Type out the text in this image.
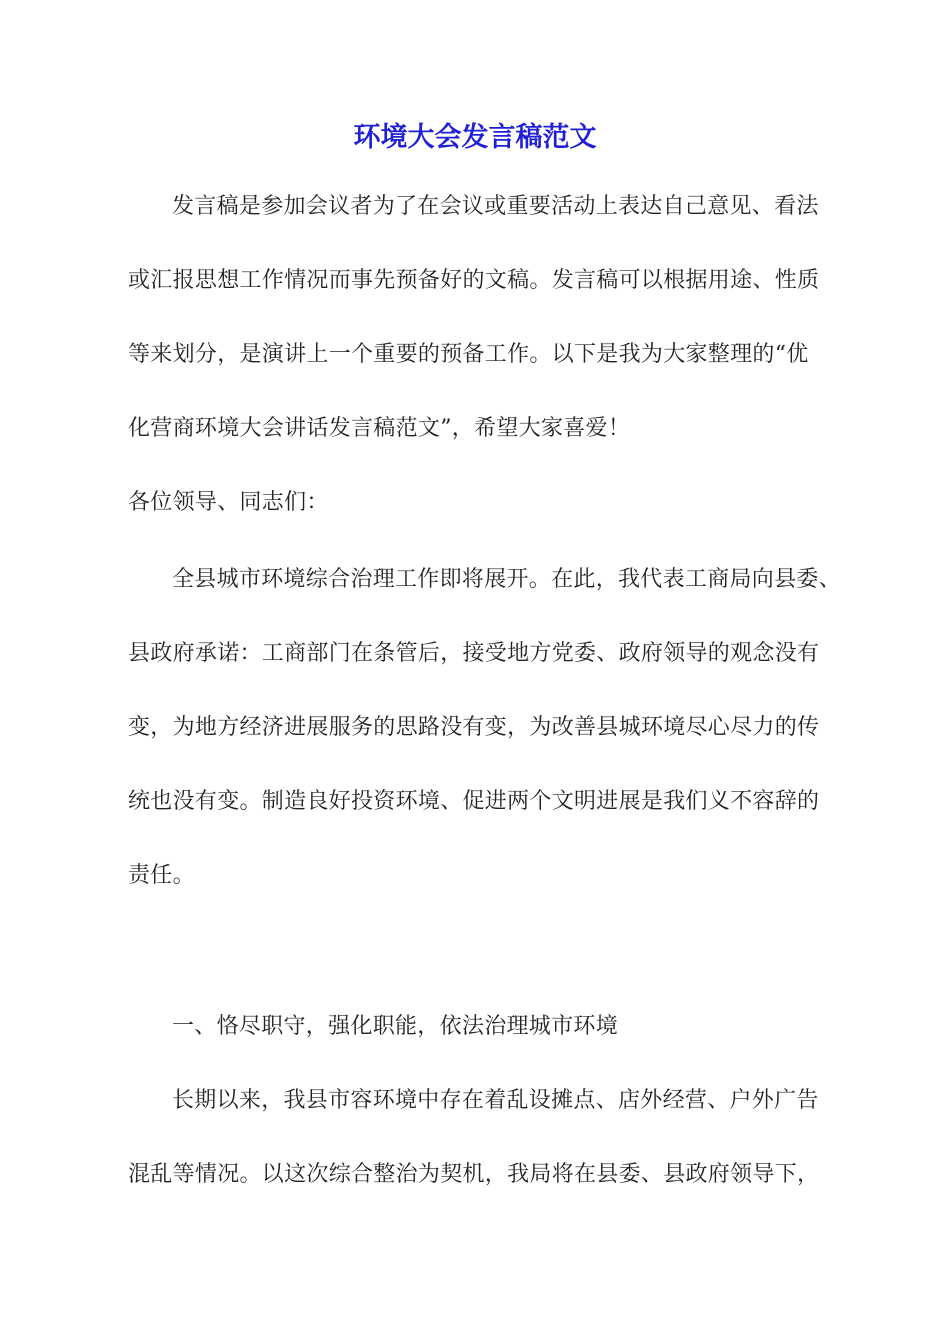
环境大会发言稿范文

发言稿是参加会议者为了在会议或重要活动上表达自己意见、看法

或汇报思想工作情况而事先预备好的文稿。发言稿可以根据用途、性质

等来划分，是演讲上一个重要的预备工作。以下是我为大家整理的“优

化营商环境大会讲话发言稿范文”，希望大家喜爱！

各位领导、同志们：

全县城市环境综合治理工作即将展开。在此，我代表工商局向县委、

县政府承诺：工商部门在条管后，接受地方党委、政府领导的观念没有

变，为地方经济进展服务的思路没有变，为改善县城环境尽心尽力的传

统也没有变。制造良好投资环境、促进两个文明进展是我们义不容辞的

责任。

一、恪尽职守，强化职能，依法治理城市环境

长期以来，我县市容环境中存在着乱设摊点、店外经营、户外广告

混乱等情况。以这次综合整治为契机，我局将在县委、县政府领导下，
